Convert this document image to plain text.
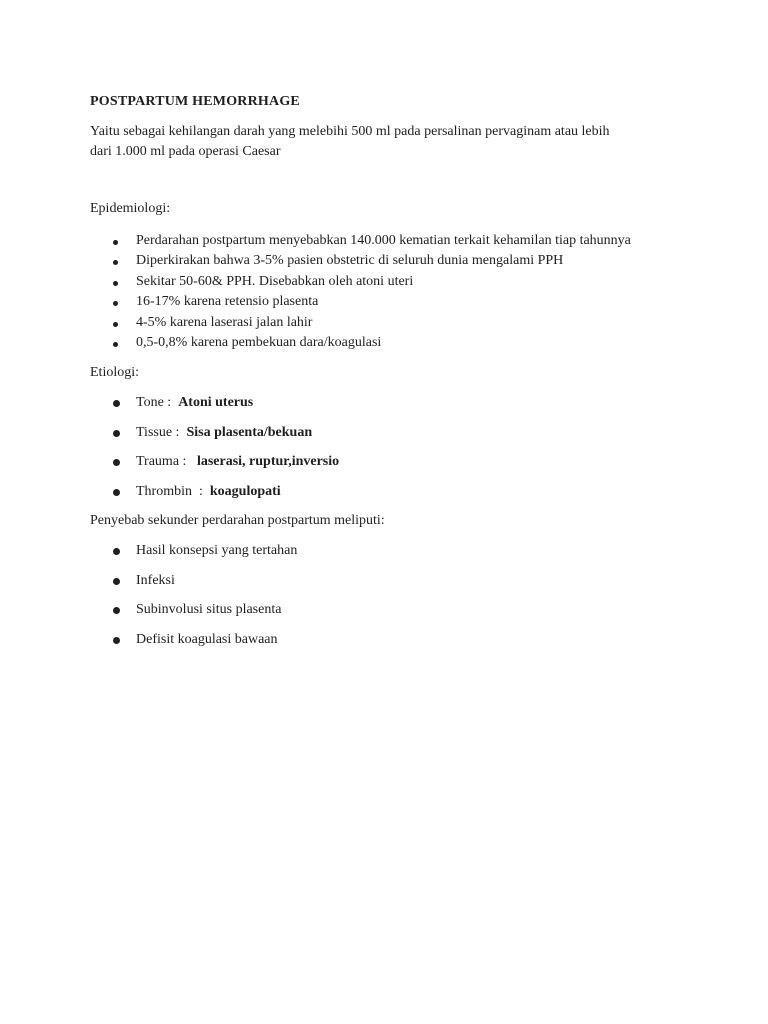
POSTPARTUM HEMORRHAGE
Yaitu sebagai kehilangan darah yang melebihi 500 ml pada persalinan pervaginam atau lebih
dari 1.000 ml pada operasi Caesar
Epidemiologi:
Perdarahan postpartum menyebabkan 140.000 kematian terkait kehamilan tiap tahunnya
Diperkirakan bahwa 3-5% pasien obstetric di seluruh dunia mengalami PPH
Sekitar 50-60& PPH. Disebabkan oleh atoni uteri
16-17% karena retensio plasenta
4-5% karena laserasi jalan lahir
0,5-0,8% karena pembekuan dara/koagulasi
Etiologi:
Tone :  Atoni uterus
Tissue :  Sisa plasenta/bekuan
Trauma :   laserasi, ruptur,inversio
Thrombin  :  koagulopati
Penyebab sekunder perdarahan postpartum meliputi:
Hasil konsepsi yang tertahan
Infeksi
Subinvolusi situs plasenta
Defisit koagulasi bawaan
